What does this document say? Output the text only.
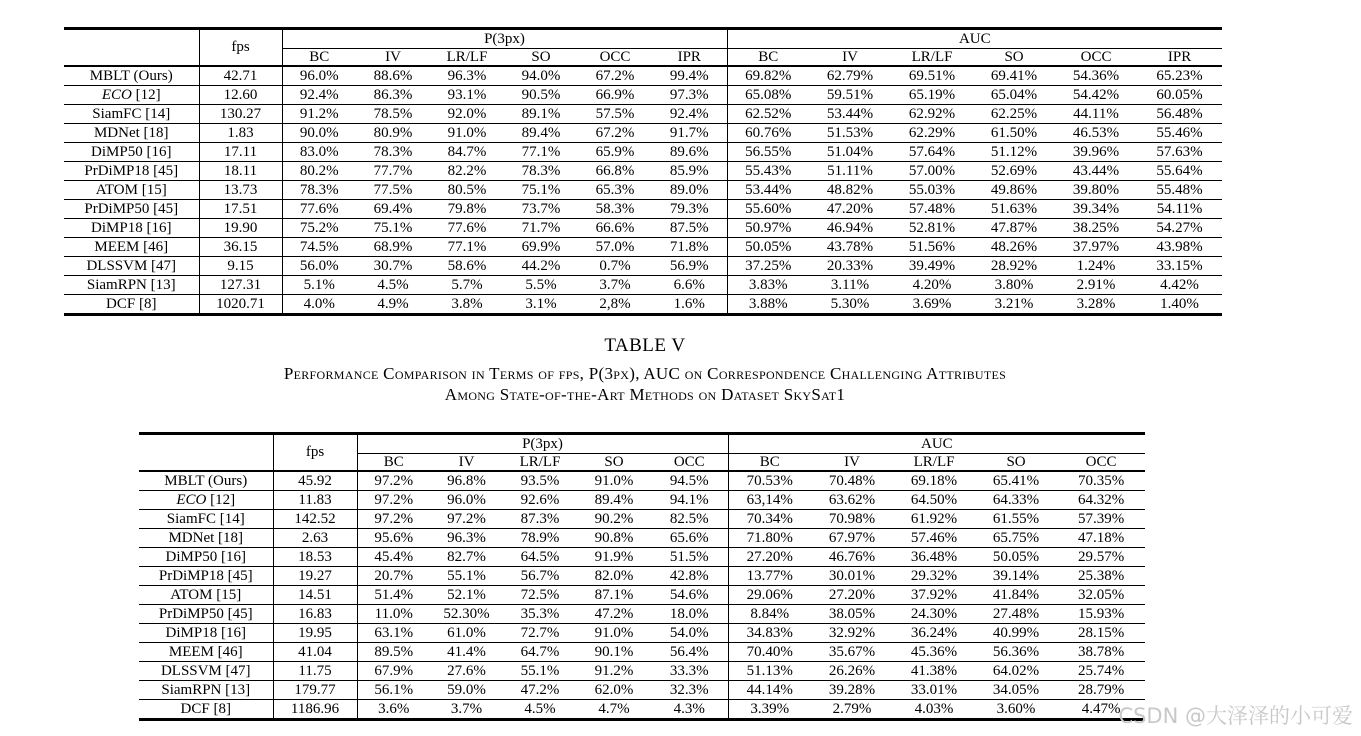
	fps	P(3px)						AUC					
		BC	IV	LR/LF	SO	OCC	IPR	BC	IV	LR/LF	SO	OCC	IPR
MBLT (Ours)	42.71	96.0%	88.6%	96.3%	94.0%	67.2%	99.4%	69.82%	62.79%	69.51%	69.41%	54.36%	65.23%
ECO [12]	12.60	92.4%	86.3%	93.1%	90.5%	66.9%	97.3%	65.08%	59.51%	65.19%	65.04%	54.42%	60.05%
SiamFC [14]	130.27	91.2%	78.5%	92.0%	89.1%	57.5%	92.4%	62.52%	53.44%	62.92%	62.25%	44.11%	56.48%
MDNet [18]	1.83	90.0%	80.9%	91.0%	89.4%	67.2%	91.7%	60.76%	51.53%	62.29%	61.50%	46.53%	55.46%
DiMP50 [16]	17.11	83.0%	78.3%	84.7%	77.1%	65.9%	89.6%	56.55%	51.04%	57.64%	51.12%	39.96%	57.63%
PrDiMP18 [45]	18.11	80.2%	77.7%	82.2%	78.3%	66.8%	85.9%	55.43%	51.11%	57.00%	52.69%	43.44%	55.64%
ATOM [15]	13.73	78.3%	77.5%	80.5%	75.1%	65.3%	89.0%	53.44%	48.82%	55.03%	49.86%	39.80%	55.48%
PrDiMP50 [45]	17.51	77.6%	69.4%	79.8%	73.7%	58.3%	79.3%	55.60%	47.20%	57.48%	51.63%	39.34%	54.11%
DiMP18 [16]	19.90	75.2%	75.1%	77.6%	71.7%	66.6%	87.5%	50.97%	46.94%	52.81%	47.87%	38.25%	54.27%
MEEM [46]	36.15	74.5%	68.9%	77.1%	69.9%	57.0%	71.8%	50.05%	43.78%	51.56%	48.26%	37.97%	43.98%
DLSSVM [47]	9.15	56.0%	30.7%	58.6%	44.2%	0.7%	56.9%	37.25%	20.33%	39.49%	28.92%	1.24%	33.15%
SiamRPN [13]	127.31	5.1%	4.5%	5.7%	5.5%	3.7%	6.6%	3.83%	3.11%	4.20%	3.80%	2.91%	4.42%
DCF [8]	1020.71	4.0%	4.9%	3.8%	3.1%	2,8%	1.6%	3.88%	5.30%	3.69%	3.21%	3.28%	1.40%
TABLE V
Performance Comparison in Terms of fps, P(3px), AUC on Correspondence Challenging Attributes
Among State-of-the-Art Methods on Dataset SkySat1
	fps	P(3px)					AUC				
		BC	IV	LR/LF	SO	OCC	BC	IV	LR/LF	SO	OCC
MBLT (Ours)	45.92	97.2%	96.8%	93.5%	91.0%	94.5%	70.53%	70.48%	69.18%	65.41%	70.35%
ECO [12]	11.83	97.2%	96.0%	92.6%	89.4%	94.1%	63,14%	63.62%	64.50%	64.33%	64.32%
SiamFC [14]	142.52	97.2%	97.2%	87.3%	90.2%	82.5%	70.34%	70.98%	61.92%	61.55%	57.39%
MDNet [18]	2.63	95.6%	96.3%	78.9%	90.8%	65.6%	71.80%	67.97%	57.46%	65.75%	47.18%
DiMP50 [16]	18.53	45.4%	82.7%	64.5%	91.9%	51.5%	27.20%	46.76%	36.48%	50.05%	29.57%
PrDiMP18 [45]	19.27	20.7%	55.1%	56.7%	82.0%	42.8%	13.77%	30.01%	29.32%	39.14%	25.38%
ATOM [15]	14.51	51.4%	52.1%	72.5%	87.1%	54.6%	29.06%	27.20%	37.92%	41.84%	32.05%
PrDiMP50 [45]	16.83	11.0%	52.30%	35.3%	47.2%	18.0%	8.84%	38.05%	24.30%	27.48%	15.93%
DiMP18 [16]	19.95	63.1%	61.0%	72.7%	91.0%	54.0%	34.83%	32.92%	36.24%	40.99%	28.15%
MEEM [46]	41.04	89.5%	41.4%	64.7%	90.1%	56.4%	70.40%	35.67%	45.36%	56.36%	38.78%
DLSSVM [47]	11.75	67.9%	27.6%	55.1%	91.2%	33.3%	51.13%	26.26%	41.38%	64.02%	25.74%
SiamRPN [13]	179.77	56.1%	59.0%	47.2%	62.0%	32.3%	44.14%	39.28%	33.01%	34.05%	28.79%
DCF [8]	1186.96	3.6%	3.7%	4.5%	4.7%	4.3%	3.39%	2.79%	4.03%	3.60%	4.47%
CSDN @大泽泽的小可爱
